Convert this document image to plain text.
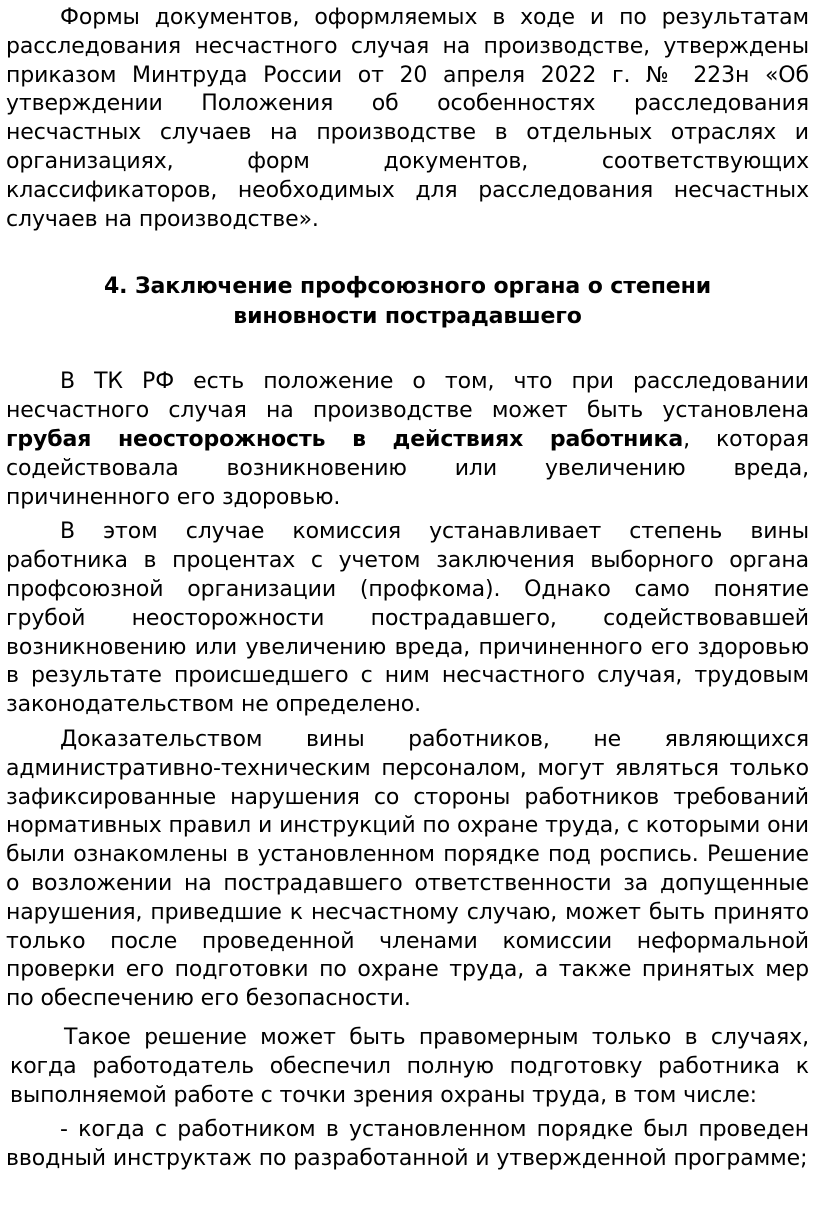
Формы документов, оформляемых в ходе и по результатам расследования несчастного случая на производстве, утверждены приказом Минтруда России от 20 апреля 2022 г. № 223н «Об утверждении Положения об особенностях расследования несчастных случаев на производстве в отдельных отраслях и организациях, форм документов, соответствующих классификаторов, необходимых для расследования несчастных случаев на производстве».

4. Заключение профсоюзного органа о степени

виновности пострадавшего

В ТК РФ есть положение о том, что при расследовании несчастного случая на производстве может быть установлена грубая неосторожность в действиях работника, которая содействовала возникновению или увеличению вреда, причиненного его здоровью.

В этом случае комиссия устанавливает степень вины работника в процентах с учетом заключения выборного органа профсоюзной организации (профкома). Однако само понятие грубой неосторожности пострадавшего, содействовавшей возникновению или увеличению вреда, причиненного его здоровью в результате происшедшего с ним несчастного случая, трудовым законодательством не определено.

Доказательством вины работников, не являющихся административно-техническим персоналом, могут являться только зафиксированные нарушения со стороны работников требований нормативных правил и инструкций по охране труда, с которыми они были ознакомлены в установленном порядке под роспись. Решение о возложении на пострадавшего ответственности за допущенные нарушения, приведшие к несчастному случаю, может быть принято только после проведенной членами комиссии неформальной проверки его подготовки по охране труда, а также принятых мер по обеспечению его безопасности.

Такое решение может быть правомерным только в случаях, когда работодатель обеспечил полную подготовку работника к выполняемой работе с точки зрения охраны труда, в том числе:

- когда с работником в установленном порядке был проведен вводный инструктаж по разработанной и утвержденной программе;
